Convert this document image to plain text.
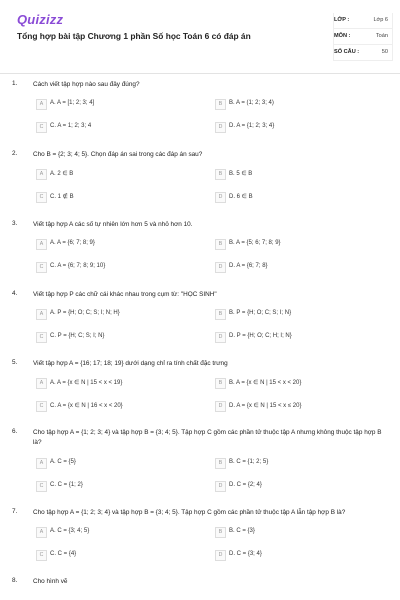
Quizizz
Tổng hợp bài tập Chương 1 phần Số học Toán 6 có đáp án
LỚP :	Lớp 6
MÔN :	Toán
SỐ CÂU :	50
1. Cách viết tập hợp nào sau đây đúng?
A	A. A = [1; 2; 3; 4]	B	B. A = (1; 2; 3; 4)
C	C. A = 1; 2; 3; 4	D	D. A = {1; 2; 3; 4}
2. Cho B = {2; 3; 4; 5}. Chọn đáp án sai trong các đáp án sau?
A	A. 2 ∈ B	B	B. 5 ∈ B
C	C. 1 ∉ B	D	D. 6 ∈ B
3. Viết tập hợp A các số tự nhiên lớn hơn 5 và nhỏ hơn 10.
A	A. A = {6; 7; 8; 9}	B	B. A = {5; 6; 7; 8; 9}
C	C. A = {6; 7; 8; 9; 10}	D	D. A = {6; 7; 8}
4. Viết tập hợp P các chữ cái khác nhau trong cụm từ: "HỌC SINH"
A	A. P = {H; O; C; S; I; N; H}	B	B. P = {H; O; C; S; I; N}
C	C. P = {H; C; S; I; N}	D	D. P = {H; O; C; H; I; N}
5. Viết tập hợp A = {16; 17; 18; 19} dưới dạng chỉ ra tính chất đặc trưng
A	A. A = {x ∈ N | 15 < x < 19}	B	B. A = {x ∈ N | 15 < x < 20}
C	C. A = {x ∈ N | 16 < x < 20}	D	D. A = {x ∈ N | 15 < x ≤ 20}
6. Cho tập hợp A = {1; 2; 3; 4} và tập hợp B = {3; 4; 5}. Tập hợp C gồm các phần tử thuộc tập A nhưng không thuộc tập hợp B là?
A	A. C = {5}	B	B. C = {1; 2; 5}
C	C. C = {1; 2}	D	D. C = {2; 4}
7. Cho tập hợp A = {1; 2; 3; 4} và tập hợp B = {3; 4; 5}. Tập hợp C gồm các phần tử thuộc tập A lẫn tập hợp B là?
A	A. C = {3; 4; 5}	B	B. C = {3}
C	C. C = {4}	D	D. C = {3; 4}
8. Cho hình vẽ
